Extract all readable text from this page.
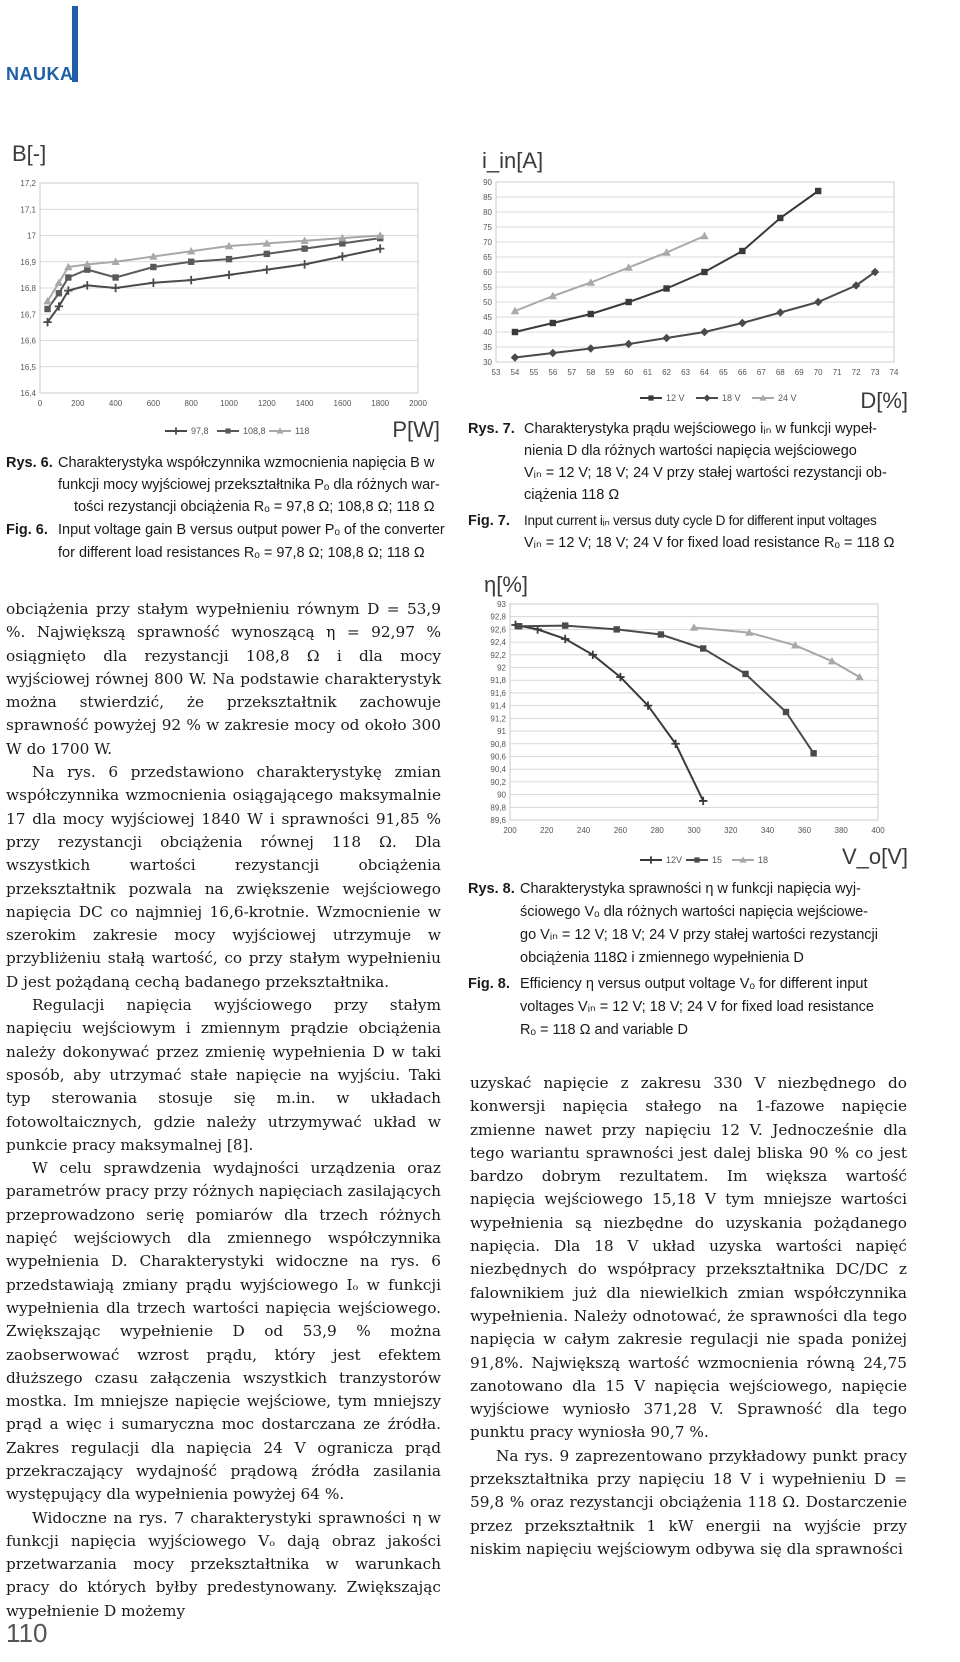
NAUKA
16,4
16,5
16,6
16,7
16,8
16,9
17
17,1
17,2
0	200	400	600	800	1000	1200	1400	1600	1800	2000
B[-]
P[W]
97,8	108,8	118
30
35
40
45
50
55
60
65
70
75
80
85
90
53 54 55 56 57 58 59 60 61 62 63 64 65 66 67 68 69 70 71 72 73 74
i_in[A]
D[%]
12 V	18 V	24 V
89,6
89,8
90
90,2
90,4
90,6
90,8
91
91,2
91,4
91,6
91,8
92
92,2
92,4
92,6
92,8
93
200	220	240	260	280	300	320	340	360	380	400
η[%]
V_o[V]
12V	15	18
Rys. 6. Charakterystyka współczynnika wzmocnienia napięcia B w
funkcji mocy wyjściowej przekształtnika Pₒ dla różnych war-
tości rezystancji obciążenia Rₒ = 97,8 Ω; 108,8 Ω; 118 Ω
Fig. 6. Input voltage gain B versus output power Pₒ of the converter
for different load resistances Rₒ = 97,8 Ω; 108,8 Ω; 118 Ω
Rys. 7. Charakterystyka prądu wejściowego iᵢₙ w funkcji wypeł-
nienia D dla różnych wartości napięcia wejściowego
Vᵢₙ = 12 V; 18 V; 24 V przy stałej wartości rezystancji ob-
ciążenia 118 Ω
Fig. 7. Input current iᵢₙ versus duty cycle D for different input voltages
Vᵢₙ = 12 V; 18 V; 24 V for fixed load resistance Rₒ = 118 Ω
Rys. 8. Charakterystyka sprawności η w funkcji napięcia wyj-
ściowego Vₒ dla różnych wartości napięcia wejściowe-
go Vᵢₙ = 12 V; 18 V; 24 V przy stałej wartości rezystancji
obciążenia 118Ω i zmiennego wypełnienia D
Fig. 8. Efficiency η versus output voltage Vₒ for different input
voltages Vᵢₙ = 12 V; 18 V; 24 V for fixed load resistance
Rₒ = 118 Ω and variable D

obciążenia przy stałym wypełnieniu równym D = 53,9 %. Największą sprawność wynoszącą η = 92,97 % osiągnięto dla rezystancji 108,8 Ω i dla mocy wyjściowej równej 800 W. Na podstawie charakterystyk można stwierdzić, że przekształtnik zachowuje sprawność powyżej 92 % w zakresie mocy od około 300 W do 1700 W.

Na rys. 6 przedstawiono charakterystykę zmian współczynnika wzmocnienia osiągającego maksymalnie 17 dla mocy wyjściowej 1840 W i sprawności 91,85 % przy rezystancji obciążenia równej 118 Ω. Dla wszystkich wartości rezystancji obciążenia przekształtnik pozwala na zwiększenie wejściowego napięcia DC co najmniej 16,6-krotnie. Wzmocnienie w szerokim zakresie mocy wyjściowej utrzymuje w przybliżeniu stałą wartość, co przy stałym wypełnieniu D jest pożądaną cechą badanego przekształtnika.

Regulacji napięcia wyjściowego przy stałym napięciu wejściowym i zmiennym prądzie obciążenia należy dokonywać przez zmienię wypełnienia D w taki sposób, aby utrzymać stałe napięcie na wyjściu. Taki typ sterowania stosuje się m.in. w układach fotowoltaicznych, gdzie należy utrzymywać układ w punkcie pracy maksymalnej [8].

W celu sprawdzenia wydajności urządzenia oraz parametrów pracy przy różnych napięciach zasilających przeprowadzono serię pomiarów dla trzech różnych napięć wejściowych dla zmiennego współczynnika wypełnienia D. Charakterystyki widoczne na rys. 6 przedstawiają zmiany prądu wyjściowego Iₒ w funkcji wypełnienia dla trzech wartości napięcia wejściowego. Zwiększając wypełnienie D od 53,9 % można zaobserwować wzrost prądu, który jest efektem dłuższego czasu załączenia wszystkich tranzystorów mostka. Im mniejsze napięcie wejściowe, tym mniejszy prąd a więc i sumaryczna moc dostarczana ze źródła. Zakres regulacji dla napięcia 24 V ogranicza prąd przekraczający wydajność prądową źródła zasilania występujący dla wypełnienia powyżej 64 %.

Widoczne na rys. 7 charakterystyki sprawności η w funkcji napięcia wyjściowego Vₒ dają obraz jakości przetwarzania mocy przekształtnika w warunkach pracy do których byłby predestynowany. Zwiększając wypełnienie D możemy

uzyskać napięcie z zakresu 330 V niezbędnego do konwersji napięcia stałego na 1-fazowe napięcie zmienne nawet przy napięciu 12 V. Jednocześnie dla tego wariantu sprawności jest dalej bliska 90 % co jest bardzo dobrym rezultatem. Im większa wartość napięcia wejściowego 15,18 V tym mniejsze wartości wypełnienia są niezbędne do uzyskania pożądanego napięcia. Dla 18 V układ uzyska wartości napięć niezbędnych do współpracy przekształtnika DC/DC z falownikiem już dla niewielkich zmian współczynnika wypełnienia. Należy odnotować, że sprawności dla tego napięcia w całym zakresie regulacji nie spada poniżej 91,8%. Największą wartość wzmocnienia równą 24,75 zanotowano dla 15 V napięcia wejściowego, napięcie wyjściowe wyniosło 371,28 V. Sprawność dla tego punktu pracy wyniosła 90,7 %.

Na rys. 9 zaprezentowano przykładowy punkt pracy przekształtnika przy napięciu 18 V i wypełnieniu D = 59,8 % oraz rezystancji obciążenia 118 Ω. Dostarczenie przez przekształtnik 1 kW energii na wyjście przy niskim napięciu wejściowym odbywa się dla sprawności

110
